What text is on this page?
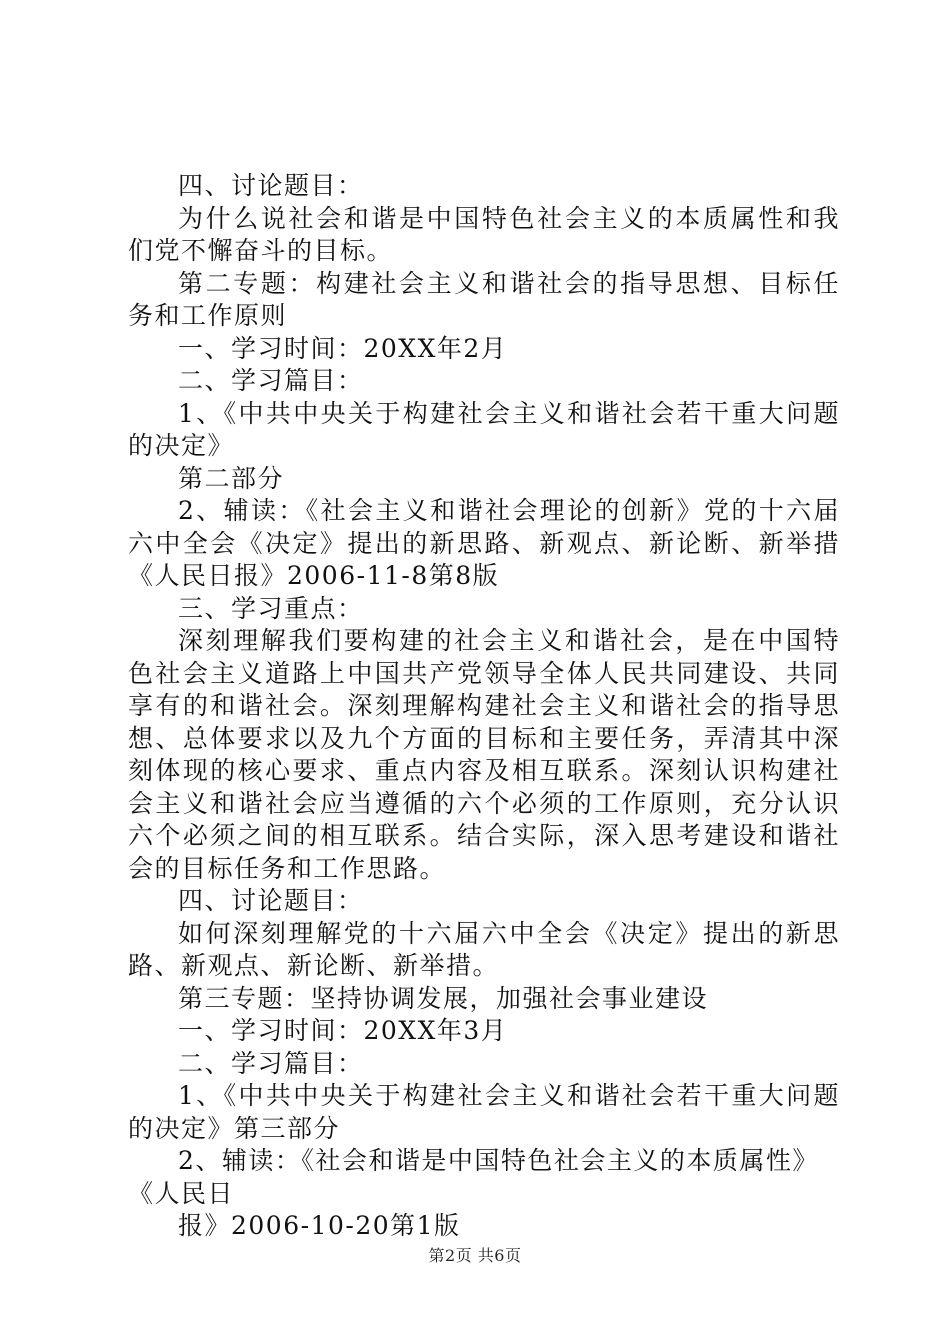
四、讨论题目：

为什么说社会和谐是中国特色社会主义的本质属性和我们党不懈奋斗的目标。

第二专题：构建社会主义和谐社会的指导思想、目标任务和工作原则

一、学习时间：20XX年2月

二、学习篇目：

1、《中共中央关于构建社会主义和谐社会若干重大问题的决定》

第二部分

2、辅读：《社会主义和谐社会理论的创新》党的十六届六中全会《决定》提出的新思路、新观点、新论断、新举措《人民日报》2006-11-8第8版

三、学习重点：

深刻理解我们要构建的社会主义和谐社会，是在中国特色社会主义道路上中国共产党领导全体人民共同建设、共同享有的和谐社会。深刻理解构建社会主义和谐社会的指导思想、总体要求以及九个方面的目标和主要任务，弄清其中深刻体现的核心要求、重点内容及相互联系。深刻认识构建社会主义和谐社会应当遵循的六个必须的工作原则，充分认识六个必须之间的相互联系。结合实际，深入思考建设和谐社会的目标任务和工作思路。

四、讨论题目：

如何深刻理解党的十六届六中全会《决定》提出的新思路、新观点、新论断、新举措。

第三专题：坚持协调发展，加强社会事业建设

一、学习时间：20XX年3月

二、学习篇目：

1、《中共中央关于构建社会主义和谐社会若干重大问题的决定》第三部分

2、辅读：《社会和谐是中国特色社会主义的本质属性》

《人民日

报》2006-10-20第1版

第2页 共6页
